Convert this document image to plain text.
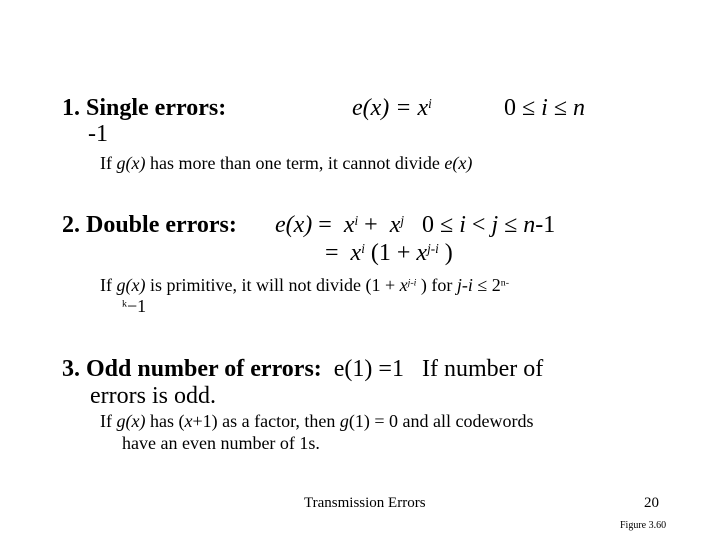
1. Single errors:	$e(x) = x^i$	0 ≤ i ≤ n
-1
If g(x) has more than one term, it cannot divide e(x)
2. Double errors: $e(x) = x^i + x^j$ 0 ≤ i < j ≤ n-1
=  $x^i$ ($1 + x^{j-i}$ )
If g(x) is primitive, it will not divide ($1 + x^{j-i}$ ) for $j-i \le 2^{n-}$
$^k$−1
3. Odd number of errors: e(1) =1 If number of
errors is odd.
If g(x) has (x+1) as a factor, then g(1) = 0 and all codewords
have an even number of 1s.
Transmission Errors	20
Figure 3.60
